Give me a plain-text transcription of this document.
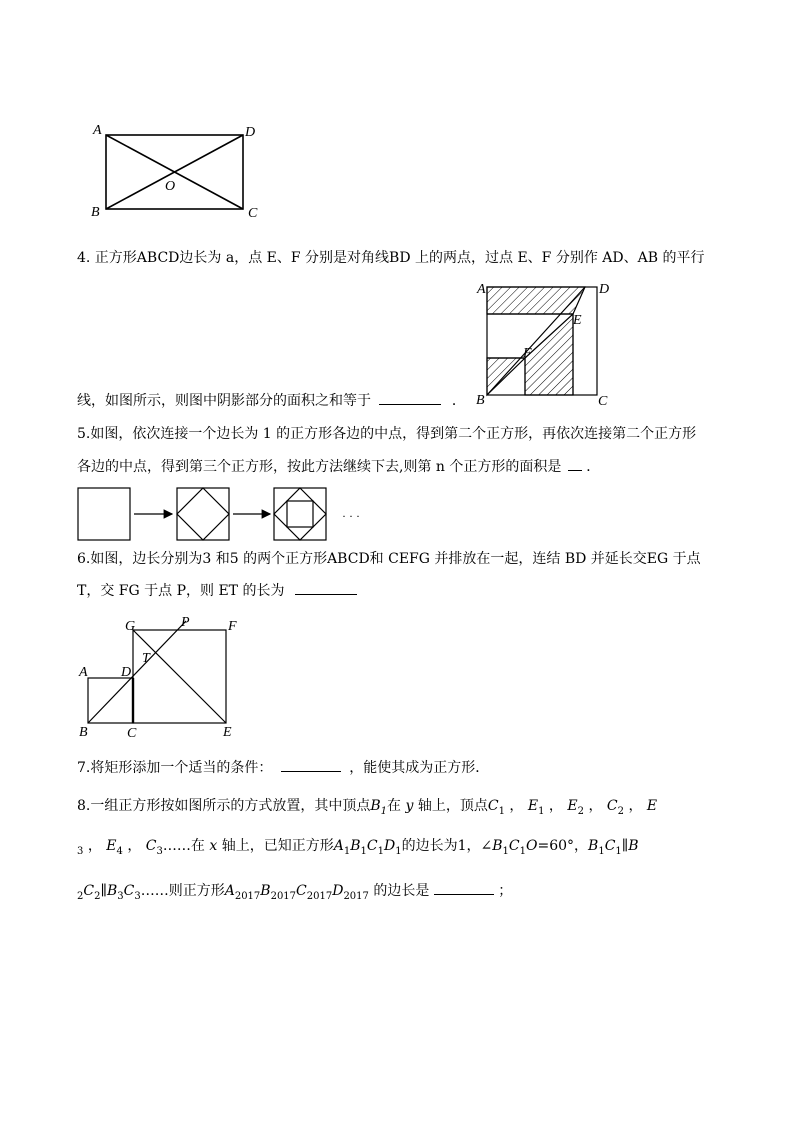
A	D
O
B	C
4. 正方形ABCD边长为 a，点 E、F 分别是对角线BD 上的两点，过点 E、F 分别作 AD、AB 的平行
A	D
E
F
B	C
线，如图所示，则图中阴影部分的面积之和等于	．
5.如图，依次连接一个边长为 1 的正方形各边的中点，得到第二个正方形，再依次连接第二个正方形
各边的中点，得到第三个正方形，按此方法继续下去,则第 n 个正方形的面积是 ．
· · ·
6.如图，边长分别为3 和5 的两个正方形ABCD和 CEFG 并排放在一起，连结 BD 并延长交EG 于点
T，交 FG 于点 P，则 ET 的长为
G	P	F
T
A D
B	C	E
7.将矩形添加一个适当的条件：	，能使其成为正方形．
8.一组正方形按如图所示的方式放置，其中顶点$B_1$在 y 轴上，顶点$C_1$ ， $E_1$ ， $E_2$ ， $C_2$ ， E
$_3$ ， $E_4$ ， $C_3\dots\dots$在 x 轴上，已知正方形$A_1B_1C_1D_1$的边长为1，$\angle B_1C_1O=60^\circ$，$B_1C_1\parallel B$
$_2C_2\parallel B_3C_3\dots\dots$则正方形$A_{2017}B_{2017}C_{2017}D_{2017}$ 的边长是	；
